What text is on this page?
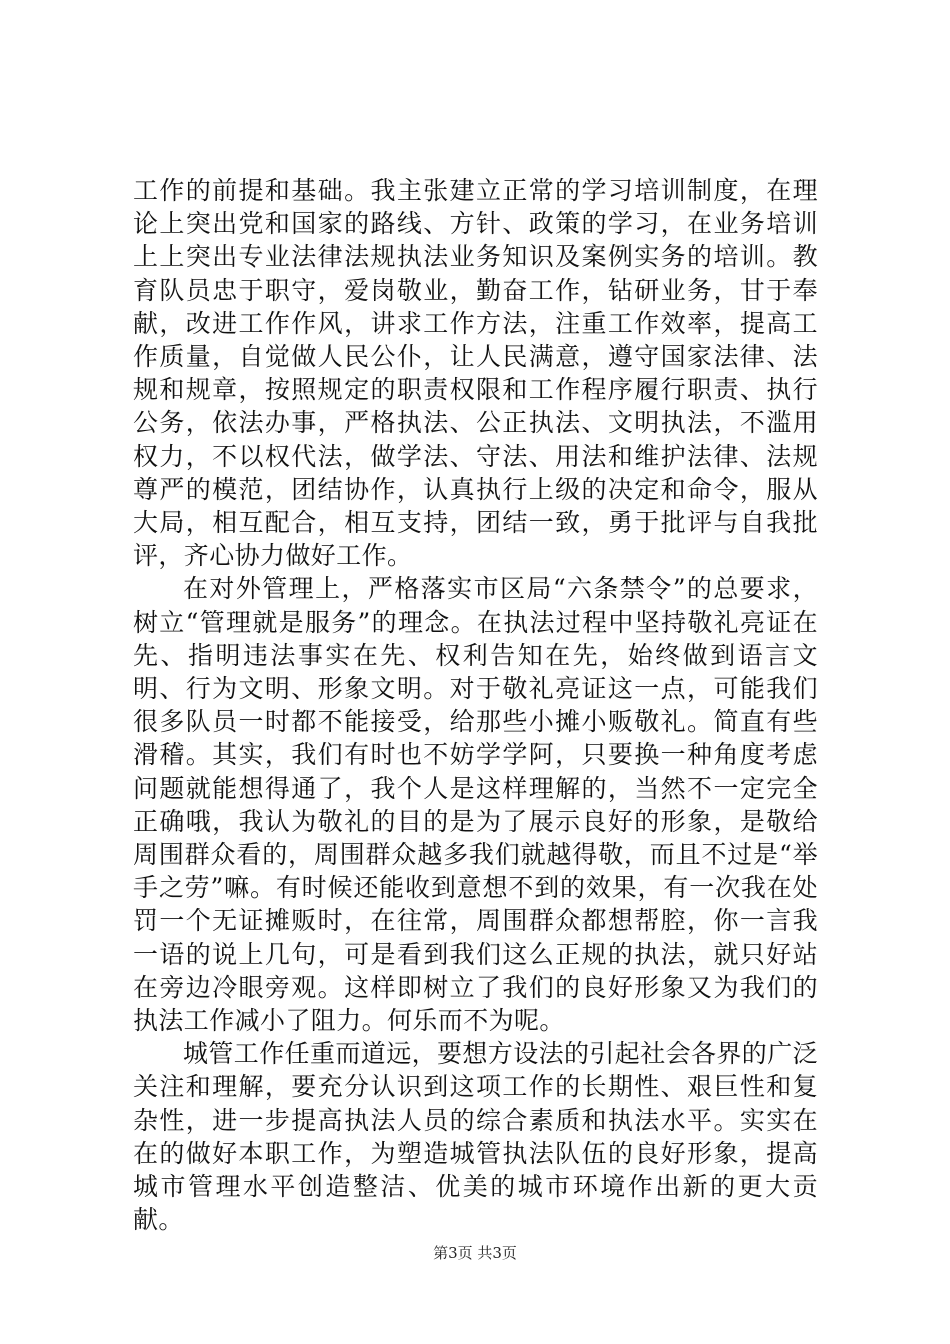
工作的前提和基础。我主张建立正常的学习培训制度，在理论上突出党和国家的路线、方针、政策的学习，在业务培训上上突出专业法律法规执法业务知识及案例实务的培训。教育队员忠于职守，爱岗敬业，勤奋工作，钻研业务，甘于奉献，改进工作作风，讲求工作方法，注重工作效率，提高工作质量，自觉做人民公仆，让人民满意，遵守国家法律、法规和规章，按照规定的职责权限和工作程序履行职责、执行公务，依法办事，严格执法、公正执法、文明执法，不滥用权力，不以权代法，做学法、守法、用法和维护法律、法规尊严的模范，团结协作，认真执行上级的决定和命令，服从大局，相互配合，相互支持，团结一致，勇于批评与自我批评，齐心协力做好工作。

在对外管理上，严格落实市区局“六条禁令”的总要求，树立“管理就是服务”的理念。在执法过程中坚持敬礼亮证在先、指明违法事实在先、权利告知在先，始终做到语言文明、行为文明、形象文明。对于敬礼亮证这一点，可能我们很多队员一时都不能接受，给那些小摊小贩敬礼。简直有些滑稽。其实，我们有时也不妨学学阿，只要换一种角度考虑问题就能想得通了，我个人是这样理解的，当然不一定完全正确哦，我认为敬礼的目的是为了展示良好的形象，是敬给周围群众看的，周围群众越多我们就越得敬，而且不过是“举手之劳”嘛。有时候还能收到意想不到的效果，有一次我在处罚一个无证摊贩时，在往常，周围群众都想帮腔，你一言我一语的说上几句，可是看到我们这么正规的执法，就只好站在旁边冷眼旁观。这样即树立了我们的良好形象又为我们的执法工作减小了阻力。何乐而不为呢。

城管工作任重而道远，要想方设法的引起社会各界的广泛关注和理解，要充分认识到这项工作的长期性、艰巨性和复杂性，进一步提高执法人员的综合素质和执法水平。实实在在的做好本职工作，为塑造城管执法队伍的良好形象，提高城市管理水平创造整洁、优美的城市环境作出新的更大贡献。

第3页 共3页
